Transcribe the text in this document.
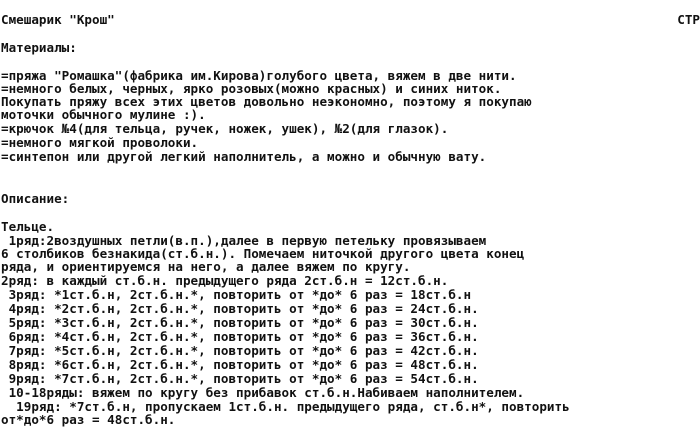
Смешарик "Крош"	СТР
Материалы:
=пряжа "Ромашка"(фабрика им.Кирова)голубого цвета, вяжем в две нити.
=немного белых, черных, ярко розовых(можно красных) и синих ниток.
Покупать пряжу всех этих цветов довольно неэкономно, поэтому я покупаю
моточки обычного мулине :).
=крючок №4(для тельца, ручек, ножек, ушек), №2(для глазок).
=немного мягкой проволоки.
=синтепон или другой легкий наполнитель, а можно и обычную вату.
Описание:
Тельце.
1ряд:2воздушных петли(в.п.),далее в первую петельку провязываем
6 столбиков безнакида(ст.б.н.). Помечаем ниточкой другого цвета конец
ряда, и ориентируемся на него, а далее вяжем по кругу.
2ряд: в каждый ст.б.н. предыдущего ряда 2ст.б.н = 12ст.б.н.
3ряд: *1ст.б.н, 2ст.б.н.*, повторить от *до* 6 раз = 18ст.б.н
4ряд: *2ст.б.н, 2ст.б.н.*, повторить от *до* 6 раз = 24ст.б.н.
5ряд: *3ст.б.н, 2ст.б.н.*, повторить от *до* 6 раз = 30ст.б.н.
6ряд: *4ст.б.н, 2ст.б.н.*, повторить от *до* 6 раз = 36ст.б.н.
7ряд: *5ст.б.н, 2ст.б.н.*, повторить от *до* 6 раз = 42ст.б.н.
8ряд: *6ст.б.н, 2ст.б.н.*, повторить от *до* 6 раз = 48ст.б.н.
9ряд: *7ст.б.н, 2ст.б.н.*, повторить от *до* 6 раз = 54ст.б.н.
10-18ряды: вяжем по кругу без прибавок ст.б.н.Набиваем наполнителем.
19ряд: *7ст.б.н, пропускаем 1ст.б.н. предыдущего ряда, ст.б.н*, повторить
от*до*6 раз = 48ст.б.н.
